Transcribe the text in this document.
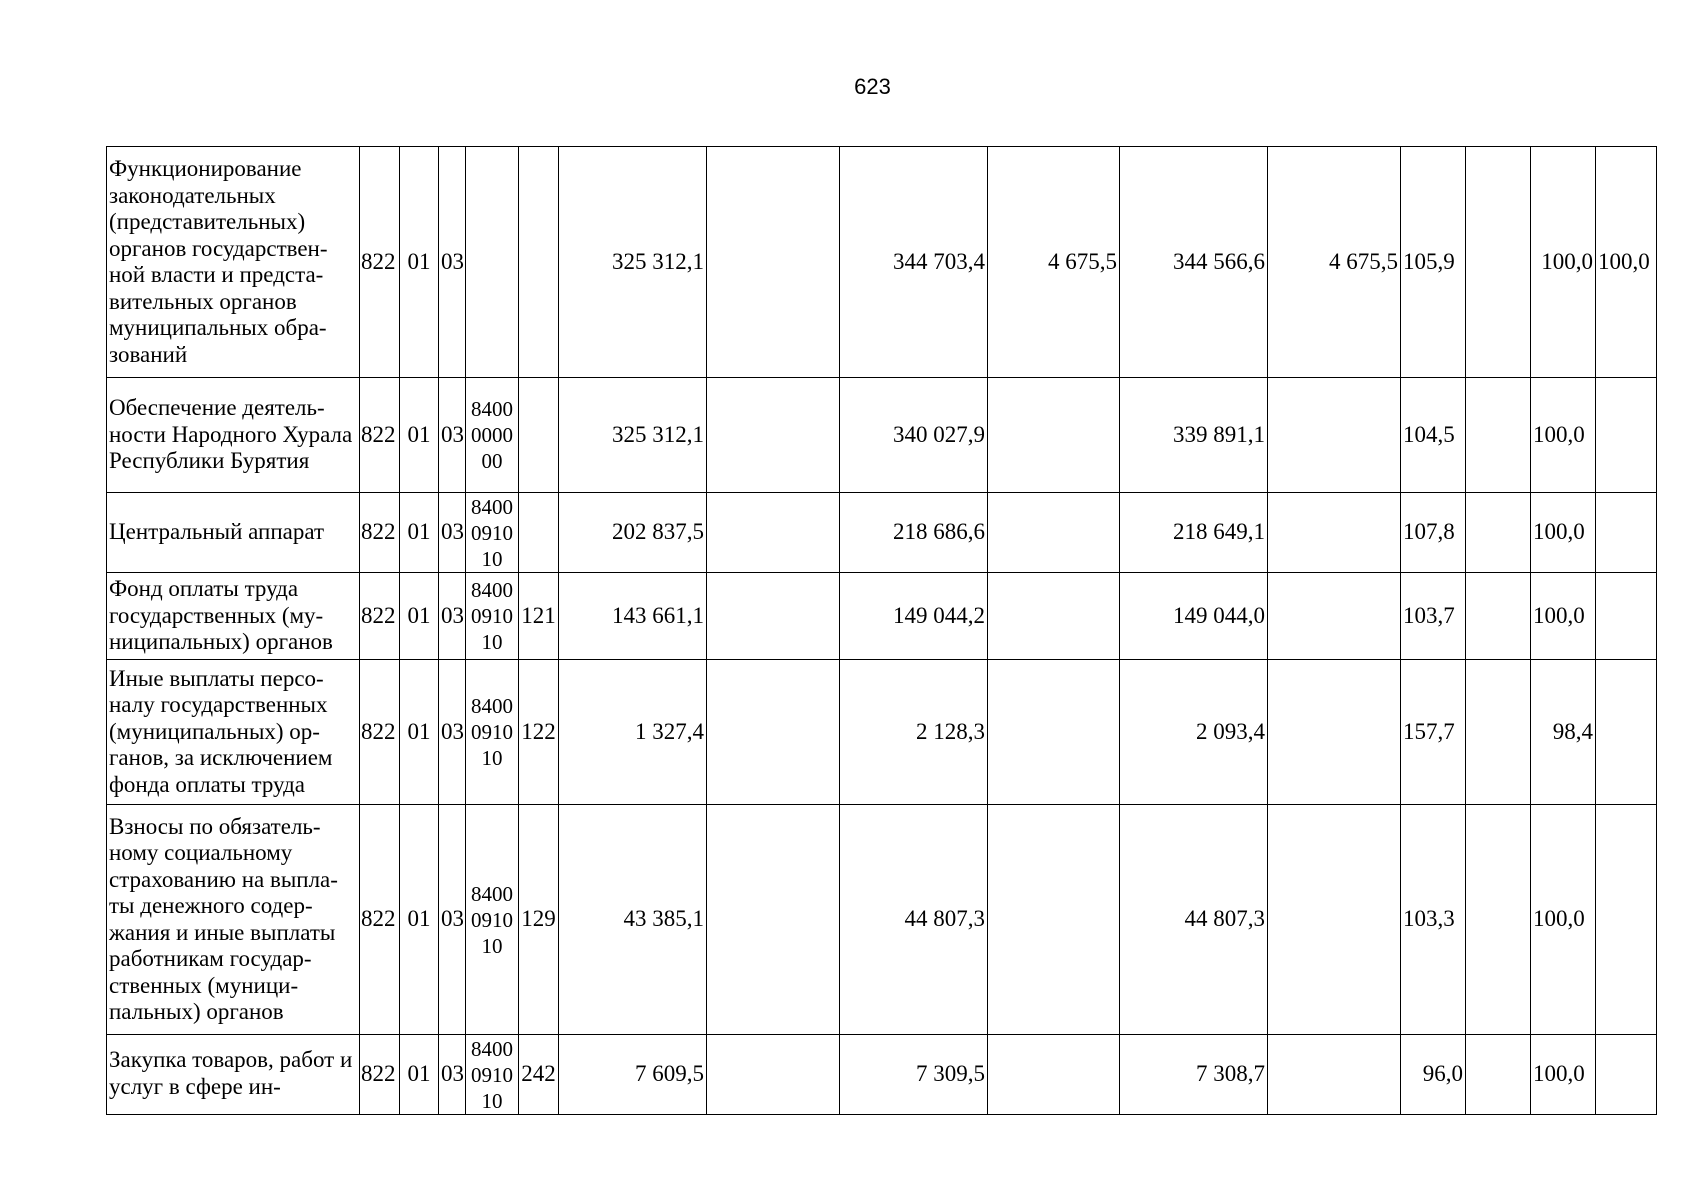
623
Функционирование законодательных (представительных) органов государствен-ной власти и предста-вительных органов муниципальных обра-зований	822	01	03			325 312,1		344 703,4	4 675,5	344 566,6	4 675,5	105,9		100,0	100,0
Обеспечение деятель-ности Народного Хурала Республики Бурятия	822	01	03	8400 0000 00		325 312,1		340 027,9		339 891,1		104,5		100,0	
Центральный аппарат	822	01	03	8400 0910 10		202 837,5		218 686,6		218 649,1		107,8		100,0	
Фонд оплаты труда государственных (му-ниципальных) органов	822	01	03	8400 0910 10	121	143 661,1		149 044,2		149 044,0		103,7		100,0	
Иные выплаты персо-налу государственных (муниципальных) ор-ганов, за исключением фонда оплаты труда	822	01	03	8400 0910 10	122	1 327,4		2 128,3		2 093,4		157,7		98,4	
Взносы по обязатель-ному социальному страхованию на выпла-ты денежного содер-жания и иные выплаты работникам государ-ственных (муници-пальных) органов	822	01	03	8400 0910 10	129	43 385,1		44 807,3		44 807,3		103,3		100,0	
Закупка товаров, работ и услуг в сфере ин-	822	01	03	8400 0910 10	242	7 609,5		7 309,5		7 308,7		96,0		100,0	
